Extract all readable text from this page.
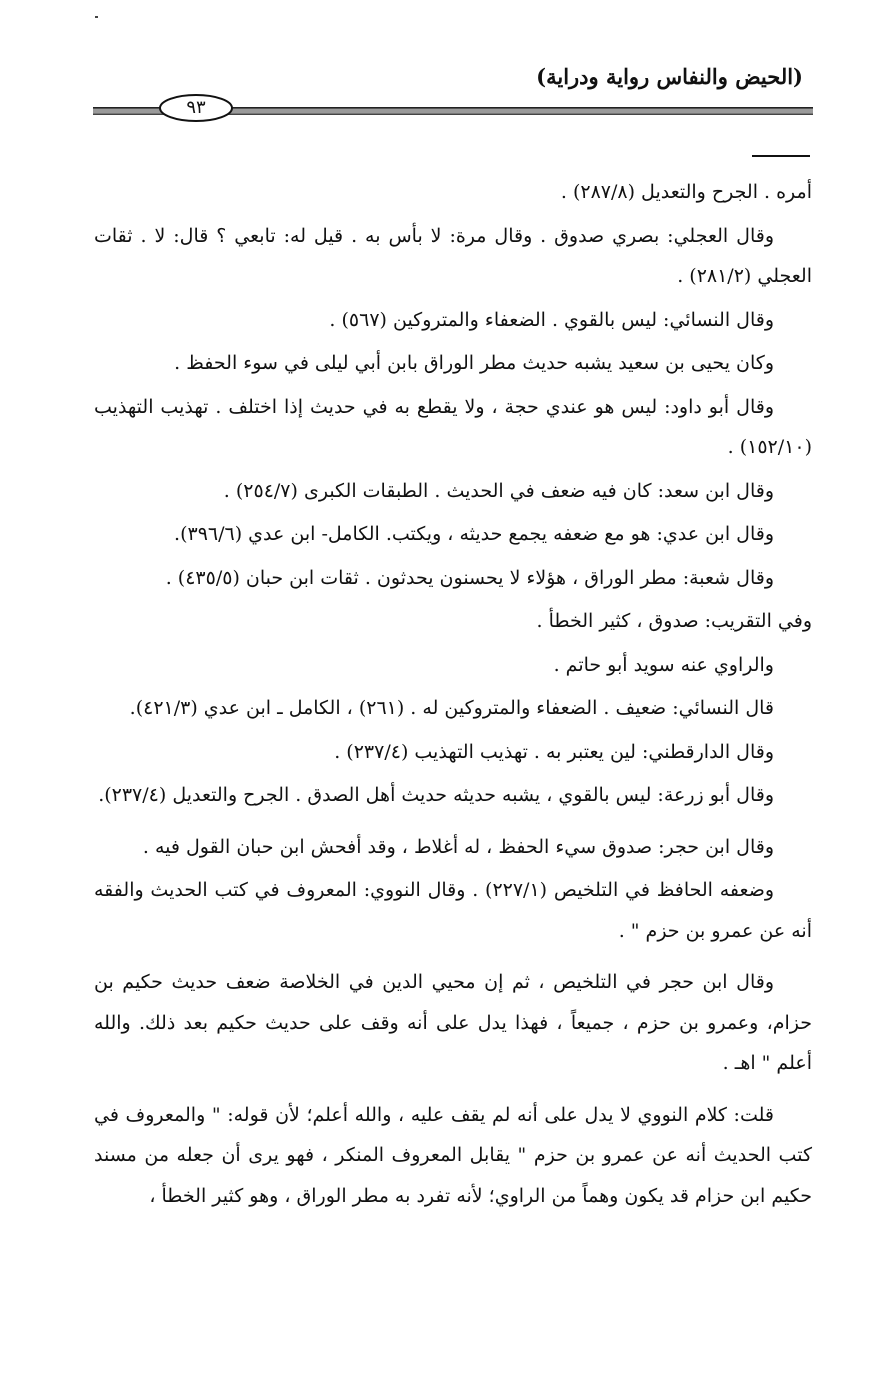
(الحيض والنفاس رواية ودراية)
٩٣

أمره . الجرح والتعديل (٢٨٧/٨) .

وقال العجلي: بصري صدوق . وقال مرة: لا بأس به . قيل له: تابعي ؟ قال: لا . ثقات العجلي (٢٨١/٢) .

وقال النسائي: ليس بالقوي . الضعفاء والمتروكين (٥٦٧) .

وكان يحيى بن سعيد يشبه حديث مطر الوراق بابن أبي ليلى في سوء الحفظ .

وقال أبو داود: ليس هو عندي حجة ، ولا يقطع به في حديث إذا اختلف . تهذيب التهذيب (١٥٢/١٠) .

وقال ابن سعد: كان فيه ضعف في الحديث . الطبقات الكبرى (٢٥٤/٧) .

وقال ابن عدي: هو مع ضعفه يجمع حديثه ، ويكتب. الكامل- ابن عدي (٣٩٦/٦).

وقال شعبة: مطر الوراق ، هؤلاء لا يحسنون يحدثون . ثقات ابن حبان (٤٣٥/٥) .

وفي التقريب: صدوق ، كثير الخطأ .

والراوي عنه سويد أبو حاتم .

قال النسائي: ضعيف . الضعفاء والمتروكين له . (٢٦١) ، الكامل ـ ابن عدي (٤٢١/٣).

وقال الدارقطني: لين يعتبر به . تهذيب التهذيب (٢٣٧/٤) .

وقال أبو زرعة: ليس بالقوي ، يشبه حديثه حديث أهل الصدق . الجرح والتعديل (٢٣٧/٤).

وقال ابن حجر: صدوق سيء الحفظ ، له أغلاط ، وقد أفحش ابن حبان القول فيه .

وضعفه الحافظ في التلخيص (٢٢٧/١) . وقال النووي: المعروف في كتب الحديث والفقه أنه عن عمرو بن حزم " .

وقال ابن حجر في التلخيص ، ثم إن محيي الدين في الخلاصة ضعف حديث حكيم بن حزام، وعمرو بن حزم ، جميعاً ، فهذا يدل على أنه وقف على حديث حكيم بعد ذلك. والله أعلم " اهـ .

قلت: كلام النووي لا يدل على أنه لم يقف عليه ، والله أعلم؛ لأن قوله: " والمعروف في كتب الحديث أنه عن عمرو بن حزم " يقابل المعروف المنكر ، فهو يرى أن جعله من مسند حكيم ابن حزام قد يكون وهماً من الراوي؛ لأنه تفرد به مطر الوراق ، وهو كثير الخطأ ،
